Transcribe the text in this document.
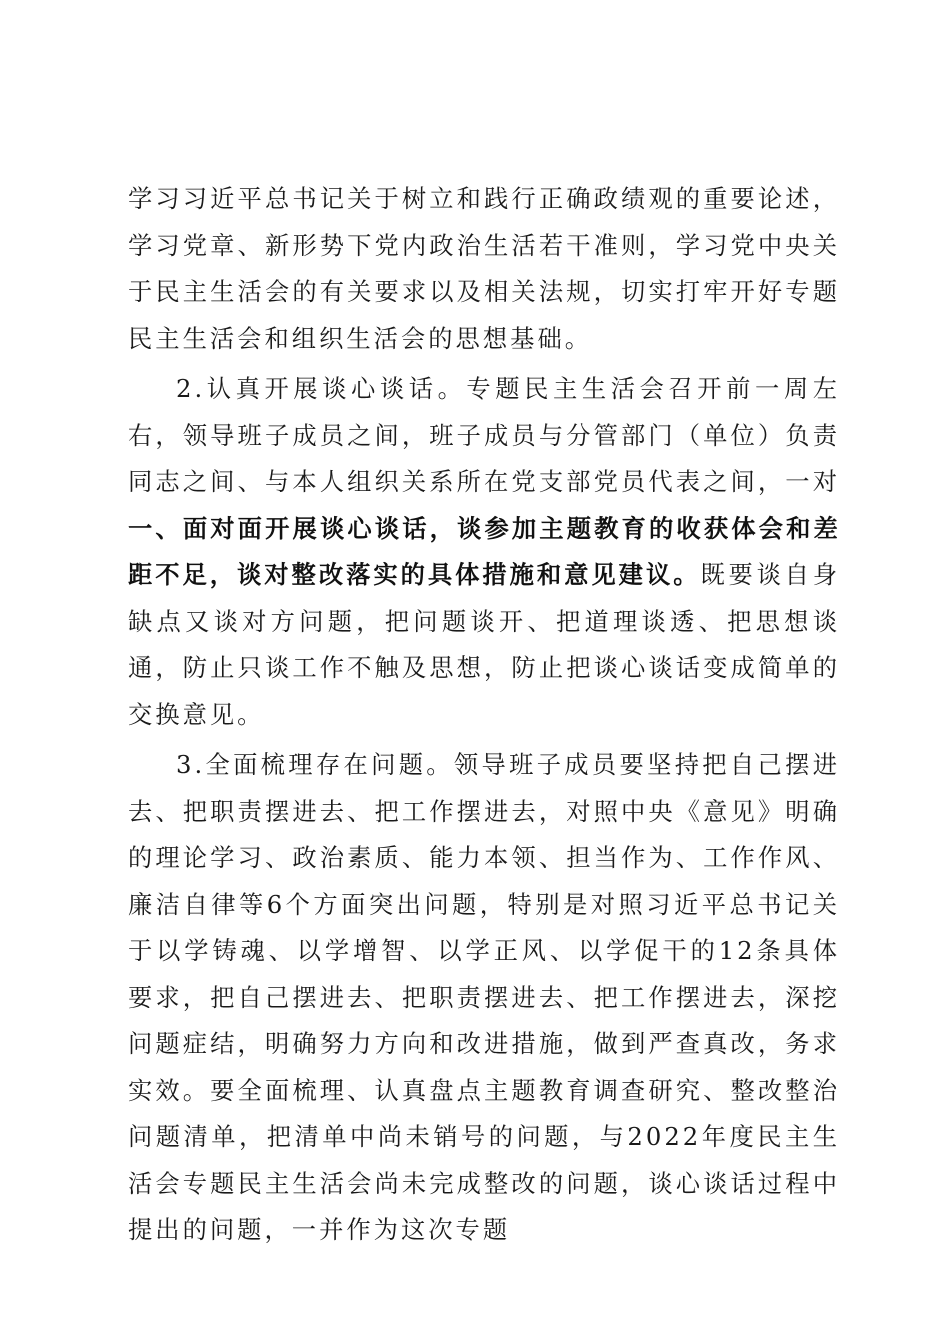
学习习近平总书记关于树立和践行正确政绩观的重要论述，学习党章、新形势下党内政治生活若干准则，学习党中央关于民主生活会的有关要求以及相关法规，切实打牢开好专题民主生活会和组织生活会的思想基础。

2.认真开展谈心谈话。专题民主生活会召开前一周左右，领导班子成员之间，班子成员与分管部门（单位）负责同志之间、与本人组织关系所在党支部党员代表之间，一对一、面对面开展谈心谈话，谈参加主题教育的收获体会和差距不足，谈对整改落实的具体措施和意见建议。既要谈自身缺点又谈对方问题，把问题谈开、把道理谈透、把思想谈通，防止只谈工作不触及思想，防止把谈心谈话变成简单的交换意见。

3.全面梳理存在问题。领导班子成员要坚持把自己摆进去、把职责摆进去、把工作摆进去，对照中央《意见》明确的理论学习、政治素质、能力本领、担当作为、工作作风、廉洁自律等6个方面突出问题，特别是对照习近平总书记关于以学铸魂、以学增智、以学正风、以学促干的12条具体要求，把自己摆进去、把职责摆进去、把工作摆进去，深挖问题症结，明确努力方向和改进措施，做到严查真改，务求实效。要全面梳理、认真盘点主题教育调查研究、整改整治问题清单，把清单中尚未销号的问题，与2022年度民主生活会专题民主生活会尚未完成整改的问题，谈心谈话过程中提出的问题，一并作为这次专题
